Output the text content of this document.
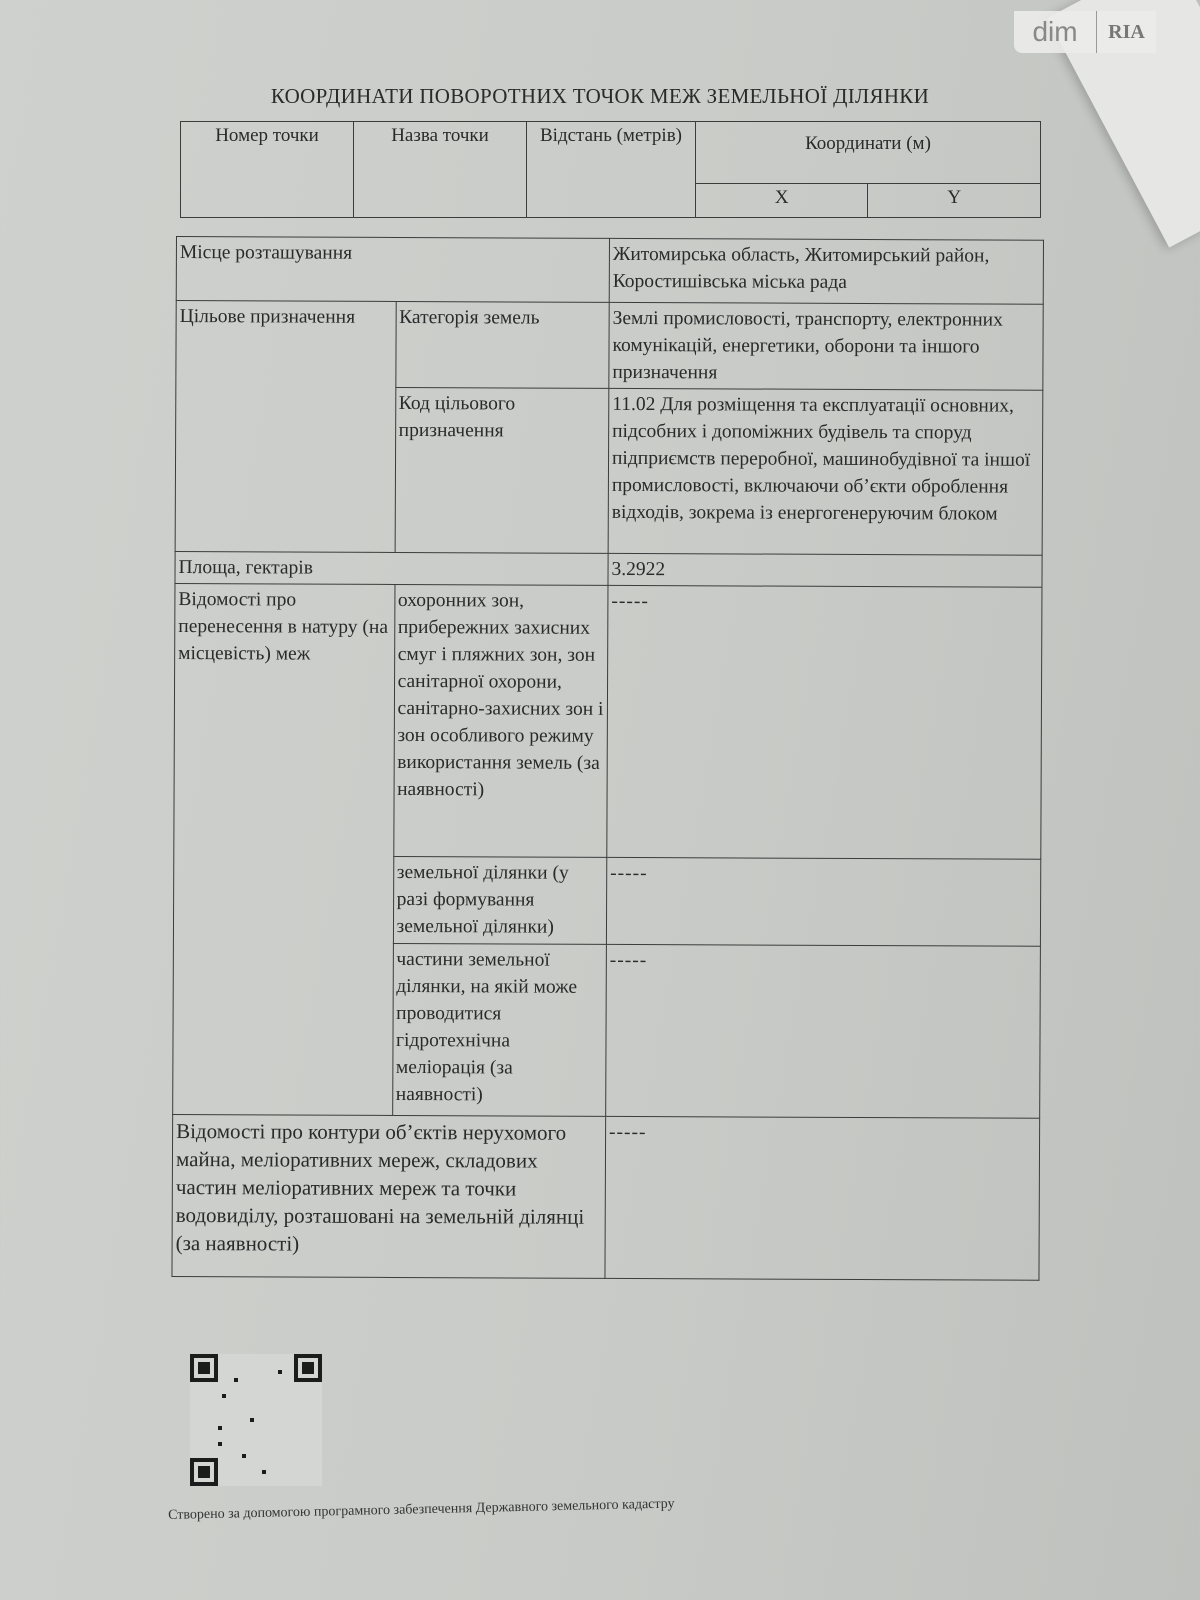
dim	RIA
КООРДИНАТИ ПОВОРОТНИХ ТОЧОК МЕЖ ЗЕМЕЛЬНОЇ ДІЛЯНКИ
Номер точки	Назва точки	Відстань (метрів)	Координати (м)	
			X	Y
Місце розташування		Житомирська область, Житомирський район, Коростишівська міська рада
Цільове призначення	Категорія земель	Землі промисловості, транспорту, електронних комунікацій, енергетики, оборони та іншого призначення
	Код цільового призначення	11.02 Для розміщення та експлуатації основних, підсобних і допоміжних будівель та споруд підприємств переробної, машинобудівної та іншої промисловості, включаючи об’єкти оброблення відходів, зокрема із енергогенеруючим блоком
Площа, гектарів		3.2922
Відомості про перенесення в натуру (на місцевість) меж	охоронних зон, прибережних захисних смуг і пляжних зон, зон санітарної охорони, санітарно-захисних зон і зон особливого режиму використання земель (за наявності)	-----
	земельної ділянки (у разі формування земельної ділянки)	-----
	частини земельної ділянки, на якій може проводитися гідротехнічна меліорація (за наявності)	-----
Відомості про контури об’єктів нерухомого майна, меліоративних мереж, складових частин меліоративних мереж та точки водовиділу, розташовані на земельній ділянці (за наявності)		-----
Створено за допомогою програмного забезпечення Державного земельного кадастру
